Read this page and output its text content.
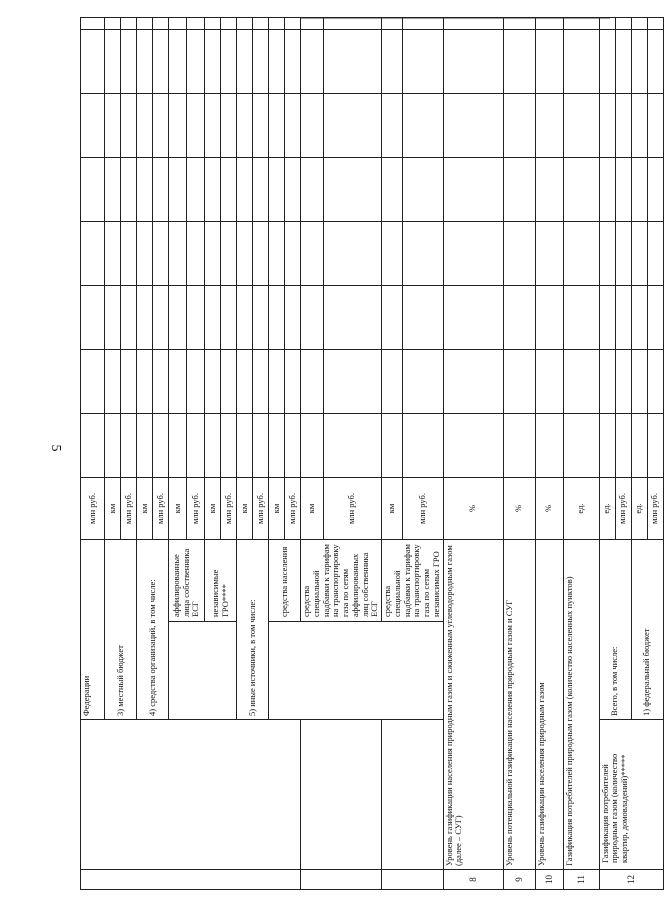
5
		Федерации		млн руб.								
		3) местный бюджет		км								
				млн руб.								
		4) средства организаций, в том числе:		км								
				млн руб.								
			аффилированные лица собственника ЕСГ	км								
				млн руб.								
			независимые ГРО****	км								
				млн руб.								
		5) иные источники, в том числе:		км								
				млн руб.								
			средства населения	км								
				млн руб.								
			средства специальной надбавки к тарифам на транспортировку газа по сетям аффилированных лиц собственника ЕСГ	км								
				млн руб.								
			средства специальной надбавки к тарифам на транспортировку газа по сетям независимых ГРО	км								
				млн руб.								
8	Уровень газификации населения природным газом и сжиженным углеводородным газом (далее – СУГ)			%								
9	Уровень потенциальной газификации населения природным газом и СУГ			%								
10	Уровень газификации населения природным газом			%								
11	Газификация потребителей природным газом (количество населенных пунктов)			ед.								
12	Газификация потребителей природным газом (количество квартир, домовладений)*****	Всего, в том числе:		ед.								
				млн руб.								
		1) федеральный бюджет		ед.								
				млн руб.								
